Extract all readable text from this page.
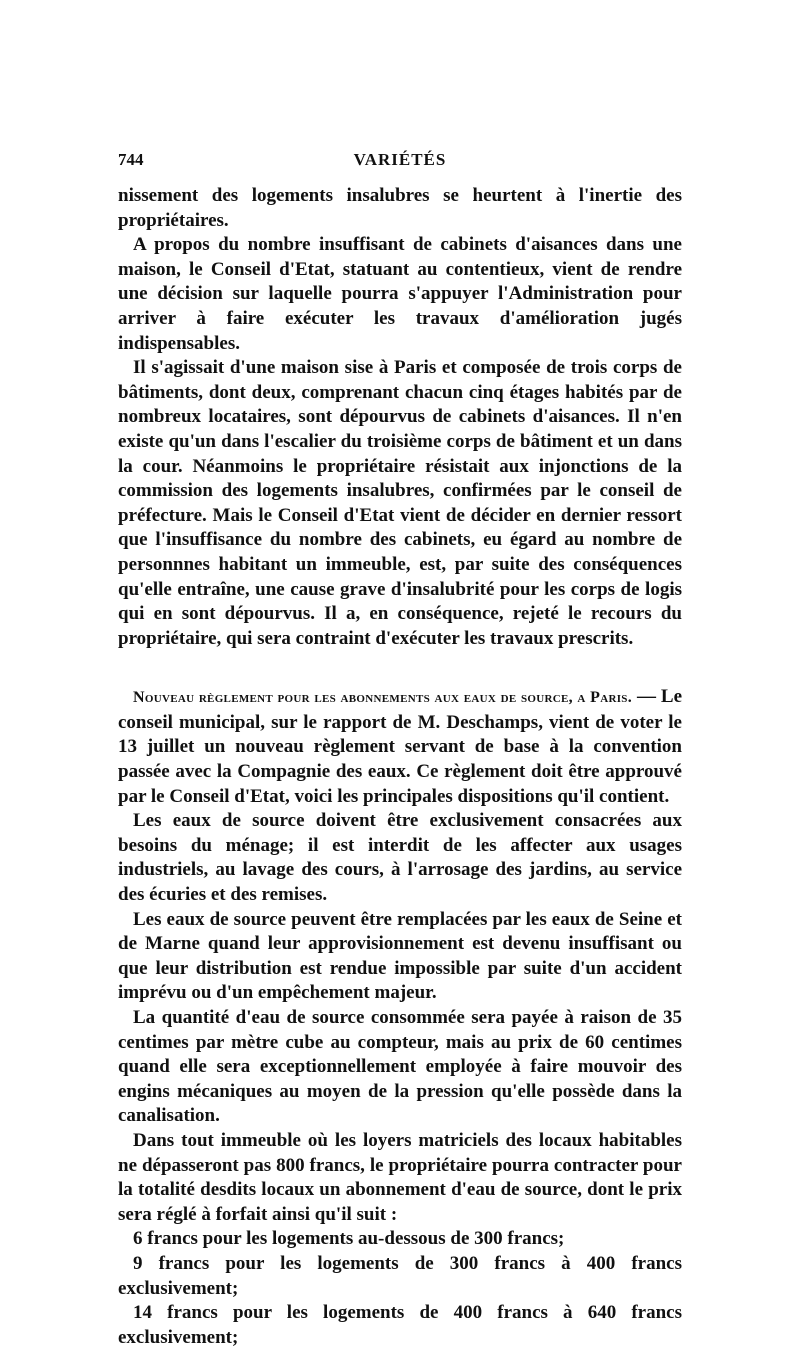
744	VARIÉTÉS

nissement des logements insalubres se heurtent à l'inertie des propriétaires.

A propos du nombre insuffisant de cabinets d'aisances dans une maison, le Conseil d'Etat, statuant au contentieux, vient de rendre une décision sur laquelle pourra s'appuyer l'Administration pour arriver à faire exécuter les travaux d'amélioration jugés indispensables.

Il s'agissait d'une maison sise à Paris et composée de trois corps de bâtiments, dont deux, comprenant chacun cinq étages habités par de nombreux locataires, sont dépourvus de cabinets d'aisances. Il n'en existe qu'un dans l'escalier du troisième corps de bâtiment et un dans la cour. Néanmoins le propriétaire résistait aux injonctions de la commission des logements insalubres, confirmées par le conseil de préfecture. Mais le Conseil d'Etat vient de décider en dernier ressort que l'insuffisance du nombre des cabinets, eu égard au nombre de personnnes habitant un immeuble, est, par suite des conséquences qu'elle entraîne, une cause grave d'insalubrité pour les corps de logis qui en sont dépourvus. Il a, en conséquence, rejeté le recours du propriétaire, qui sera contraint d'exécuter les travaux prescrits.

Nouveau règlement pour les abonnements aux eaux de source, a Paris. — Le conseil municipal, sur le rapport de M. Deschamps, vient de voter le 13 juillet un nouveau règlement servant de base à la convention passée avec la Compagnie des eaux. Ce règlement doit être approuvé par le Conseil d'Etat, voici les principales dispositions qu'il contient.

Les eaux de source doivent être exclusivement consacrées aux besoins du ménage; il est interdit de les affecter aux usages industriels, au lavage des cours, à l'arrosage des jardins, au service des écuries et des remises.

Les eaux de source peuvent être remplacées par les eaux de Seine et de Marne quand leur approvisionnement est devenu insuffisant ou que leur distribution est rendue impossible par suite d'un accident imprévu ou d'un empêchement majeur.

La quantité d'eau de source consommée sera payée à raison de 35 centimes par mètre cube au compteur, mais au prix de 60 centimes quand elle sera exceptionnellement employée à faire mouvoir des engins mécaniques au moyen de la pression qu'elle possède dans la canalisation.

Dans tout immeuble où les loyers matriciels des locaux habitables ne dépasseront pas 800 francs, le propriétaire pourra contracter pour la totalité desdits locaux un abonnement d'eau de source, dont le prix sera réglé à forfait ainsi qu'il suit :

6 francs pour les logements au-dessous de 300 francs;

9 francs pour les logements de 300 francs à 400 francs exclusivement;

14 francs pour les logements de 400 francs à 640 francs exclusivement;
